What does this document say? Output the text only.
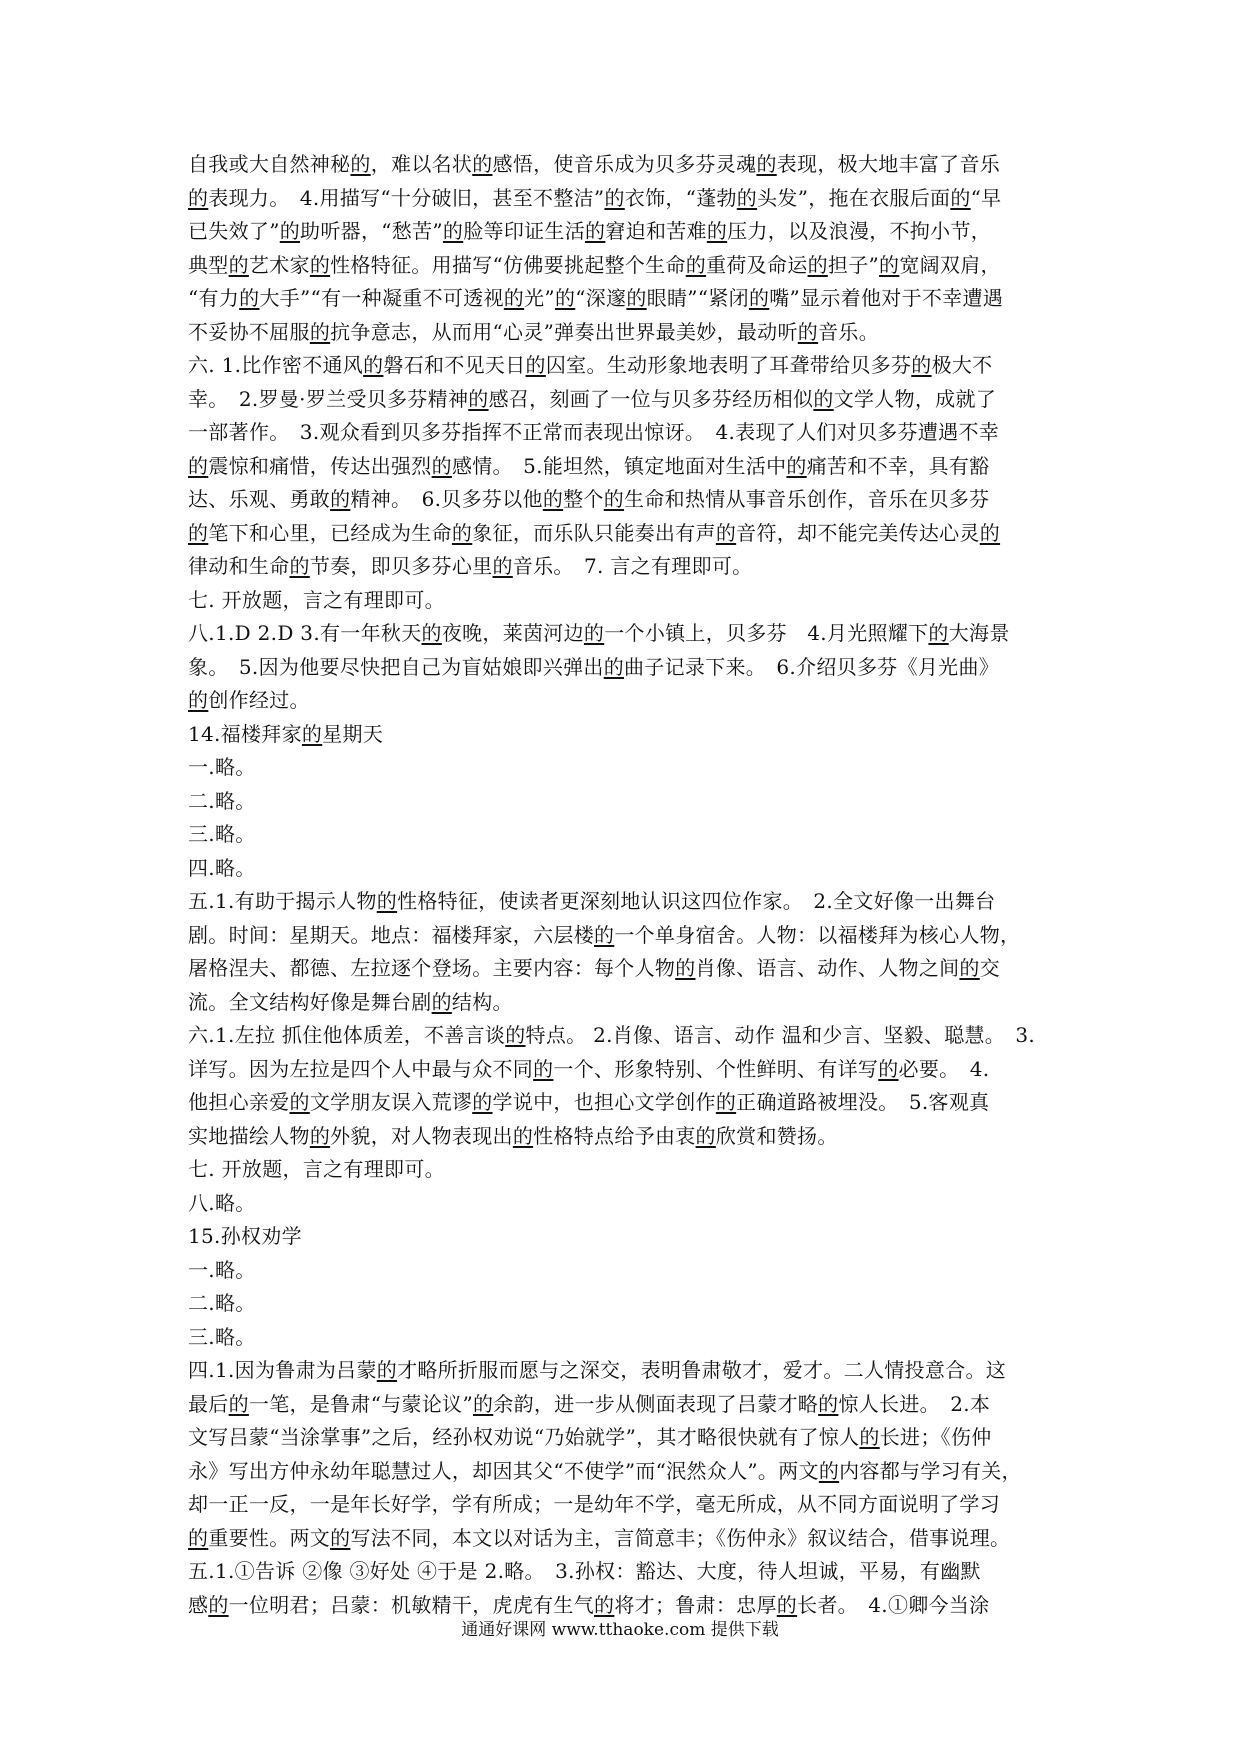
自我或大自然神秘的，难以名状的感悟，使音乐成为贝多芬灵魂的表现，极大地丰富了音乐
的表现力。　4.用描写“十分破旧，甚至不整洁”的衣饰，“蓬勃的头发”，拖在衣服后面的“早
已失效了”的助听器，“愁苦”的脸等印证生活的窘迫和苦难的压力，以及浪漫，不拘小节，
典型的艺术家的性格特征。用描写“仿佛要挑起整个生命的重荷及命运的担子”的宽阔双肩，
“有力的大手”“有一种凝重不可透视的光”的“深邃的眼睛”“紧闭的嘴”显示着他对于不幸遭遇
不妥协不屈服的抗争意志，从而用“心灵”弹奏出世界最美妙，最动听的音乐。
六. 1.比作密不通风的磐石和不见天日的囚室。生动形象地表明了耳聋带给贝多芬的极大不
幸。　2.罗曼·罗兰受贝多芬精神的感召，刻画了一位与贝多芬经历相似的文学人物，成就了
一部著作。　3.观众看到贝多芬指挥不正常而表现出惊讶。　4.表现了人们对贝多芬遭遇不幸
的震惊和痛惜，传达出强烈的感情。　5.能坦然，镇定地面对生活中的痛苦和不幸，具有豁
达、乐观、勇敢的精神。　6.贝多芬以他的整个的生命和热情从事音乐创作，音乐在贝多芬
的笔下和心里，已经成为生命的象征，而乐队只能奏出有声的音符，却不能完美传达心灵的
律动和生命的节奏，即贝多芬心里的音乐。　7. 言之有理即可。
七. 开放题，言之有理即可。
八.1.D 2.D 3.有一年秋天的夜晚，莱茵河边的一个小镇上，贝多芬　4.月光照耀下的大海景
象。　5.因为他要尽快把自己为盲姑娘即兴弹出的曲子记录下来。　6.介绍贝多芬《月光曲》
的创作经过。
14.福楼拜家的星期天
一.略。
二.略。
三.略。
四.略。
五.1.有助于揭示人物的性格特征，使读者更深刻地认识这四位作家。　2.全文好像一出舞台
剧。时间：星期天。地点：福楼拜家，六层楼的一个单身宿舍。人物：以福楼拜为核心人物，
屠格涅夫、都德、左拉逐个登场。主要内容：每个人物的肖像、语言、动作、人物之间的交
流。全文结构好像是舞台剧的结构。
六.1.左拉 抓住他体质差，不善言谈的特点。 2.肖像、语言、动作 温和少言、坚毅、聪慧。　3.
详写。因为左拉是四个人中最与众不同的一个、形象特别、个性鲜明、有详写的必要。　4.
他担心亲爱的文学朋友误入荒谬的学说中，也担心文学创作的正确道路被埋没。　5.客观真
实地描绘人物的外貌，对人物表现出的性格特点给予由衷的欣赏和赞扬。
七. 开放题，言之有理即可。
八.略。
15.孙权劝学
一.略。
二.略。
三.略。
四.1.因为鲁肃为吕蒙的才略所折服而愿与之深交，表明鲁肃敬才，爱才。二人情投意合。这
最后的一笔，是鲁肃“与蒙论议”的余韵，进一步从侧面表现了吕蒙才略的惊人长进。　2.本
文写吕蒙“当涂掌事”之后，经孙权劝说“乃始就学”，其才略很快就有了惊人的长进；《伤仲
永》写出方仲永幼年聪慧过人，却因其父“不使学”而“泯然众人”。两文的内容都与学习有关，
却一正一反，一是年长好学，学有所成；一是幼年不学，毫无所成，从不同方面说明了学习
的重要性。两文的写法不同，本文以对话为主，言简意丰；《伤仲永》叙议结合，借事说理。
五.1.①告诉 ②像 ③好处 ④于是 2.略。　3.孙权：豁达、大度，待人坦诚，平易，有幽默
感的一位明君；吕蒙：机敏精干，虎虎有生气的将才；鲁肃：忠厚的长者。　4.①卿今当涂
通通好课网 www.tthaoke.com 提供下载
